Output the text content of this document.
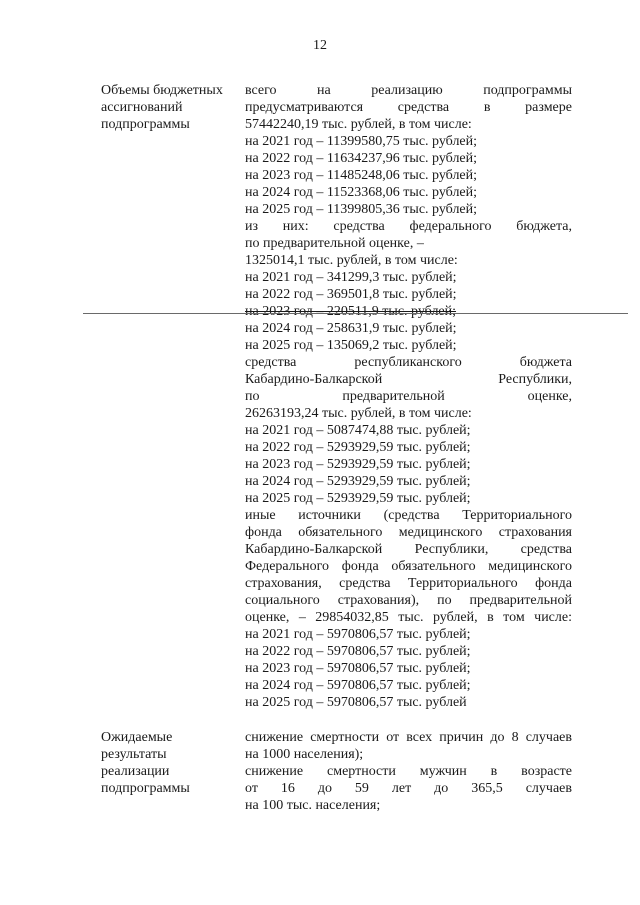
12
Объемы бюджетных
ассигнований
подпрограммы
всего на реализацию подпрограммы
предусматриваются средства в размере
57442240,19 тыс. рублей, в том числе:
на 2021 год – 11399580,75 тыс. рублей;
на 2022 год – 11634237,96 тыс. рублей;
на 2023 год – 11485248,06 тыс. рублей;
на 2024 год – 11523368,06 тыс. рублей;
на 2025 год – 11399805,36 тыс. рублей;
из них: средства федерального бюджета,
по предварительной оценке, –
1325014,1 тыс. рублей, в том числе:
на 2021 год – 341299,3 тыс. рублей;
на 2022 год – 369501,8 тыс. рублей;
на 2023 год – 220511,9 тыс. рублей;
на 2024 год – 258631,9 тыс. рублей;
на 2025 год – 135069,2 тыс. рублей;
средства республиканского бюджета
Кабардино-Балкарской Республики,
по предварительной оценке,
26263193,24 тыс. рублей, в том числе:
на 2021 год – 5087474,88 тыс. рублей;
на 2022 год – 5293929,59 тыс. рублей;
на 2023 год – 5293929,59 тыс. рублей;
на 2024 год – 5293929,59 тыс. рублей;
на 2025 год – 5293929,59 тыс. рублей;
иные источники (средства Территориального
фонда обязательного медицинского страхования
Кабардино-Балкарской Республики, средства
Федерального фонда обязательного медицинского
страхования, средства Территориального фонда
социального страхования), по предварительной
оценке, – 29854032,85 тыс. рублей, в том числе:
на 2021 год – 5970806,57 тыс. рублей;
на 2022 год – 5970806,57 тыс. рублей;
на 2023 год – 5970806,57 тыс. рублей;
на 2024 год – 5970806,57 тыс. рублей;
на 2025 год – 5970806,57 тыс. рублей
Ожидаемые
результаты
реализации
подпрограммы
снижение смертности от всех причин до 8 случаев
на 1000 населения);
снижение смертности мужчин в возрасте
от 16 до 59 лет до 365,5 случаев
на 100 тыс. населения;
